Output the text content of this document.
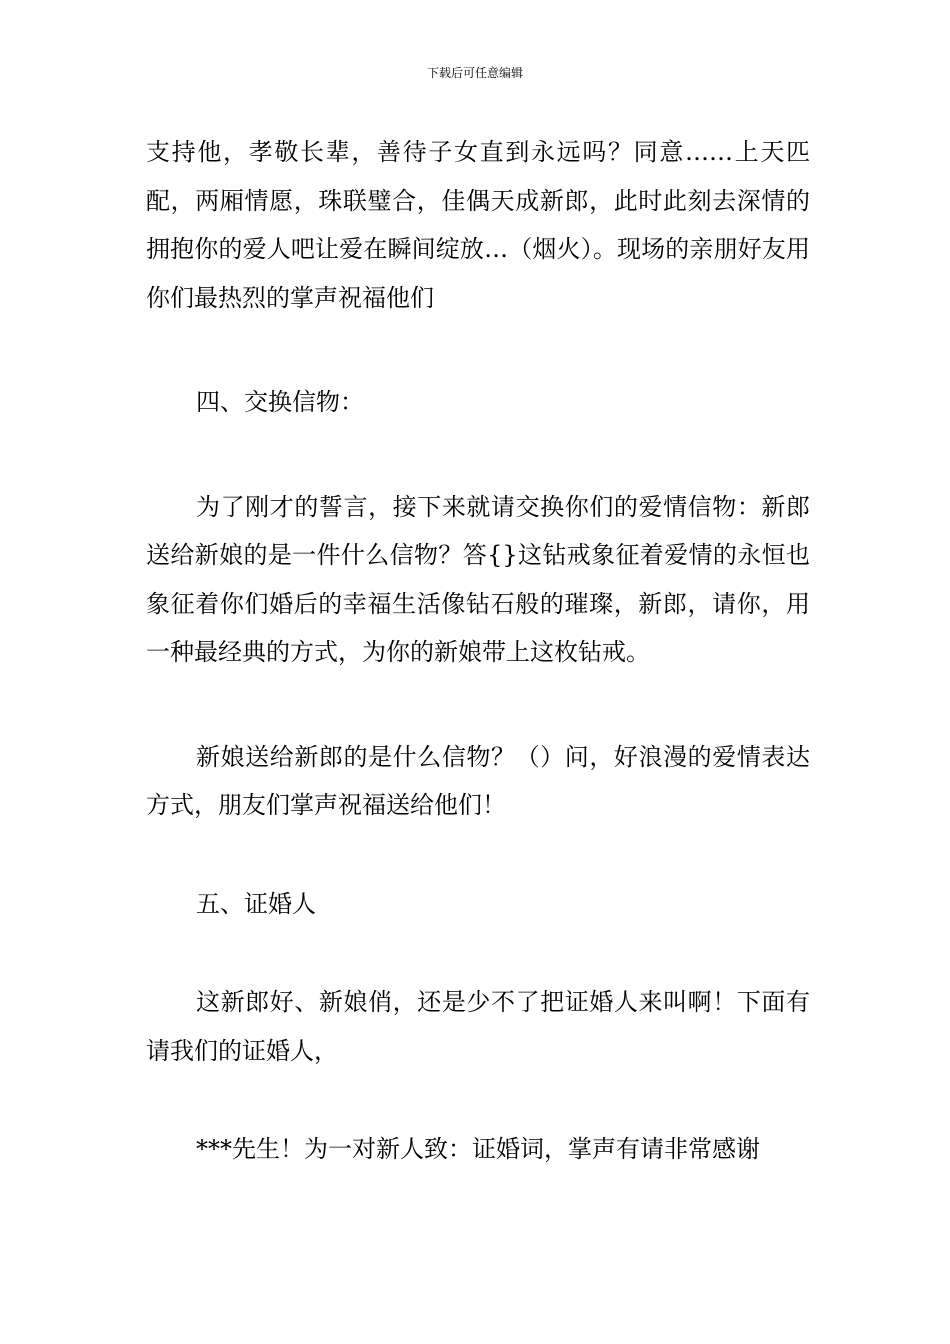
下载后可任意编辑

支持他，孝敬长辈，善待子女直到永远吗？同意……上天匹配，两厢情愿，珠联璧合，佳偶天成新郎，此时此刻去深情的拥抱你的爱人吧让爱在瞬间绽放…（烟火）。现场的亲朋好友用你们最热烈的掌声祝福他们

四、交换信物：

为了刚才的誓言，接下来就请交换你们的爱情信物：新郎送给新娘的是一件什么信物？答{}这钻戒象征着爱情的永恒也象征着你们婚后的幸福生活像钻石般的璀璨，新郎，请你，用一种最经典的方式，为你的新娘带上这枚钻戒。

新娘送给新郎的是什么信物？（）问，好浪漫的爱情表达方式，朋友们掌声祝福送给他们！

五、证婚人

这新郎好、新娘俏，还是少不了把证婚人来叫啊！下面有请我们的证婚人，

***先生！为一对新人致：证婚词，掌声有请非常感谢
